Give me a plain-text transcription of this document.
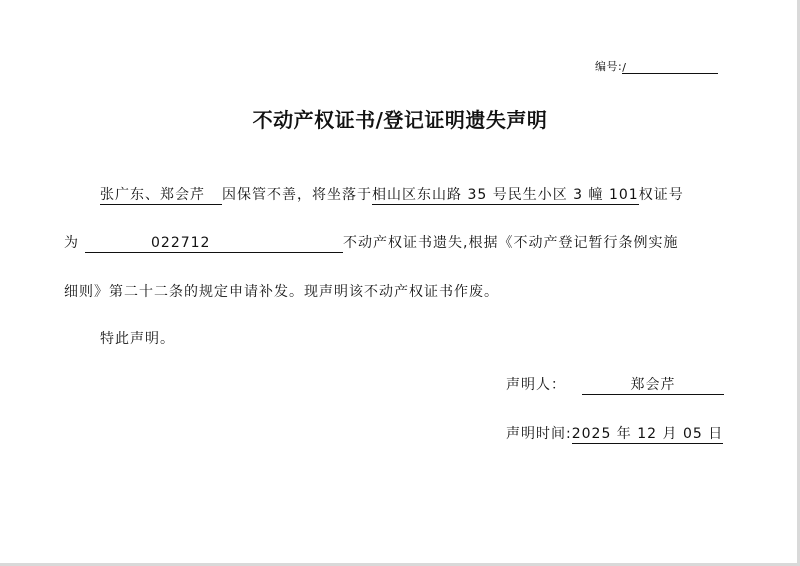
编号:/
不动产权证书/登记证明遗失声明
张广东、郑会芹 因保管不善，将坐落于相山区东山路 35 号民生小区 3 幢 101权证号
为	022712	不动产权证书遗失,根据《不动产登记暂行条例实施
细则》第二十二条的规定申请补发。现声明该不动产权证书作废。
特此声明。
声明人：	郑会芹
声明时间:2025 年 12 月 05 日
